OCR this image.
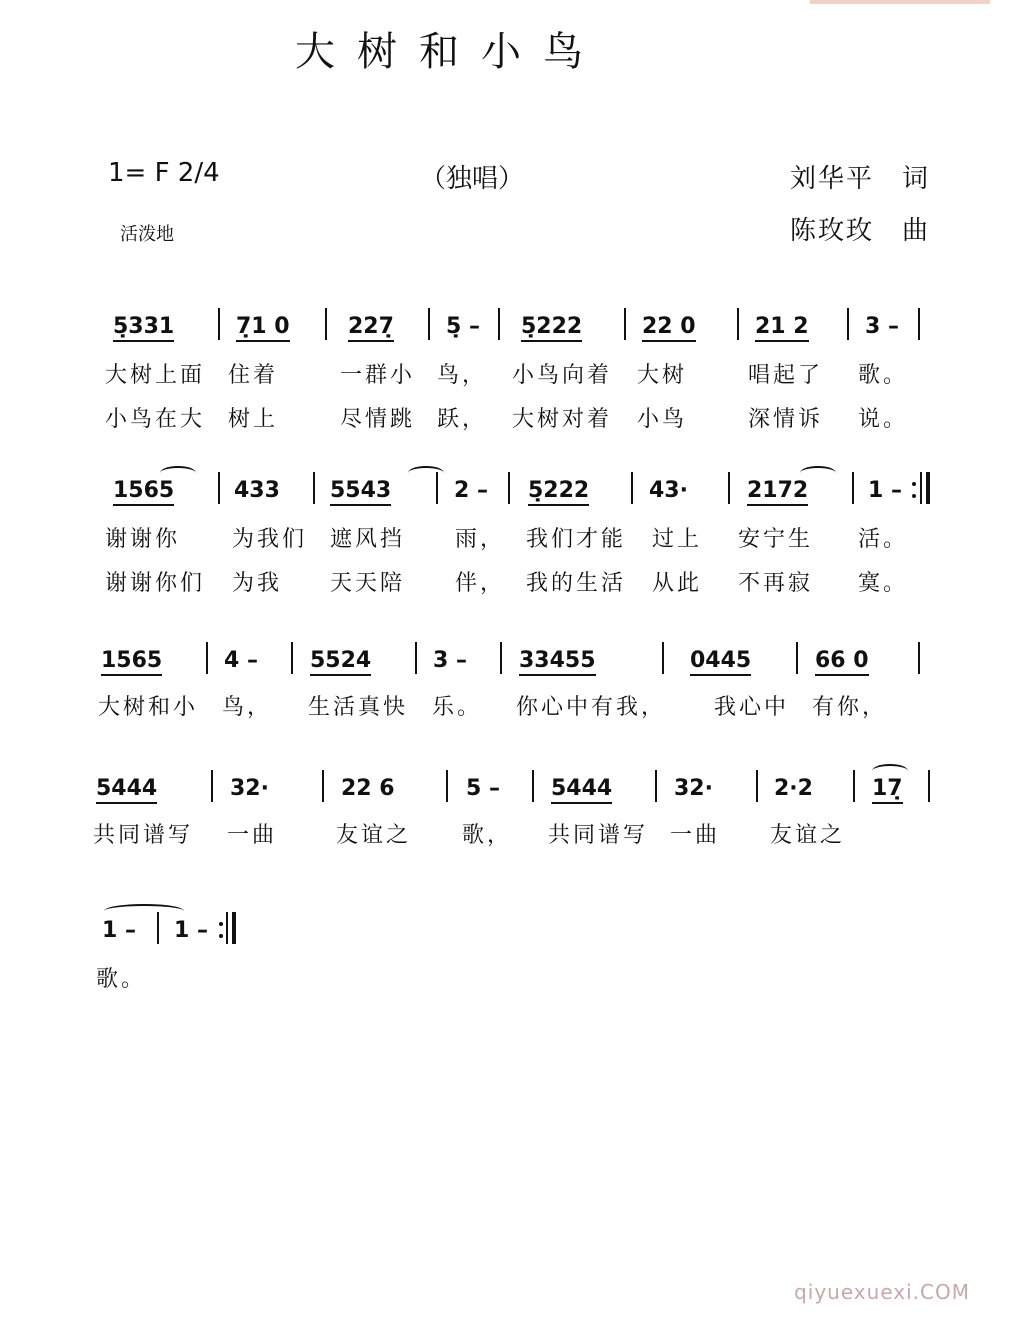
大树和小鸟
1= F 2/4	（独唱）	刘华平　词
陈玫玫　曲
活泼地
5̣331	7̣1 0	227̣ 5̣ – 5̣222	22 0	21 2	3 –
大树上面 住着	一群小 鸟， 小鸟向着 大树	唱起了 歌。
小鸟在大 树上	尽情跳 跃， 大树对着 小鸟	深情诉 说。
1565	433 5543	2 – 5̣222	43·	2172	1 –
谢谢你 为我们 遮风挡 雨， 我们才能 过上 安宁生 活。
谢谢你们 为我 天天陪 伴， 我的生活 从此 不再寂 寞。
1565	4 – 5524	3 – 33455	0445	66 0
大树和小 鸟， 生活真快 乐。 你心中有我， 我心中 有你，
5444	32·	22 6	5 – 5444	32·	2·2	17̣
共同谱写 一曲	友谊之 歌， 共同谱写 一曲 友谊之
1 – 1 –
歌。
qiyuexuexi.COM
